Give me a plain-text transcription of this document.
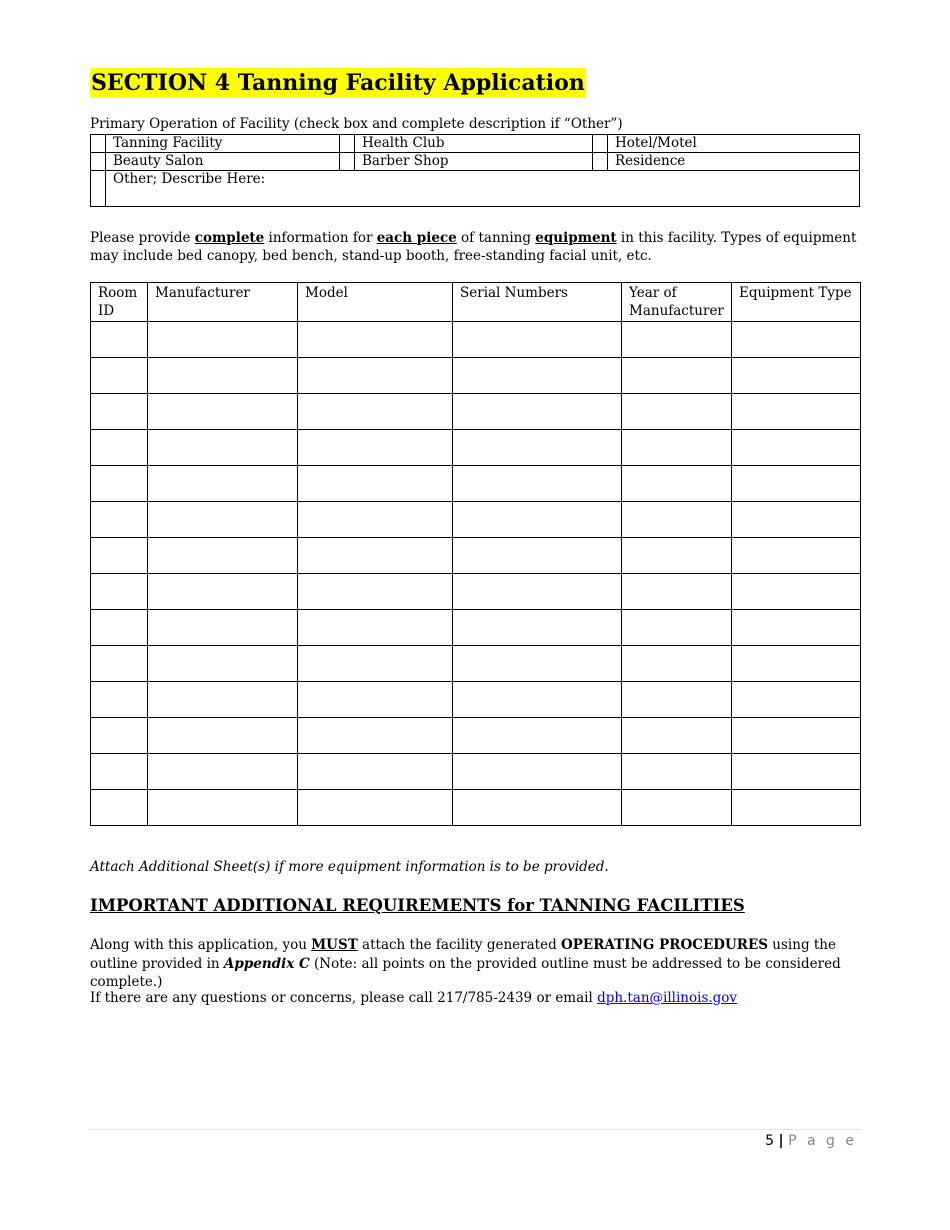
SECTION 4 Tanning Facility Application
Primary Operation of Facility (check box and complete description if “Other”)
	Tanning Facility		Health Club		Hotel/Motel
	Beauty Salon		Barber Shop		Residence
	Other; Describe Here:				
Please provide complete information for each piece of tanning equipment in this facility. Types of equipment may include bed canopy, bed bench, stand-up booth, free-standing facial unit, etc.
Room ID	Manufacturer	Model	Serial Numbers	Year of Manufacturer	Equipment Type

Attach Additional Sheet(s) if more equipment information is to be provided.
IMPORTANT ADDITIONAL REQUIREMENTS for TANNING FACILITIES
Along with this application, you MUST attach the facility generated OPERATING PROCEDURES using the outline provided in Appendix C (Note: all points on the provided outline must be addressed to be considered complete.)
If there are any questions or concerns, please call 217/785-2439 or email dph.tan@illinois.gov
5 | P a g e
